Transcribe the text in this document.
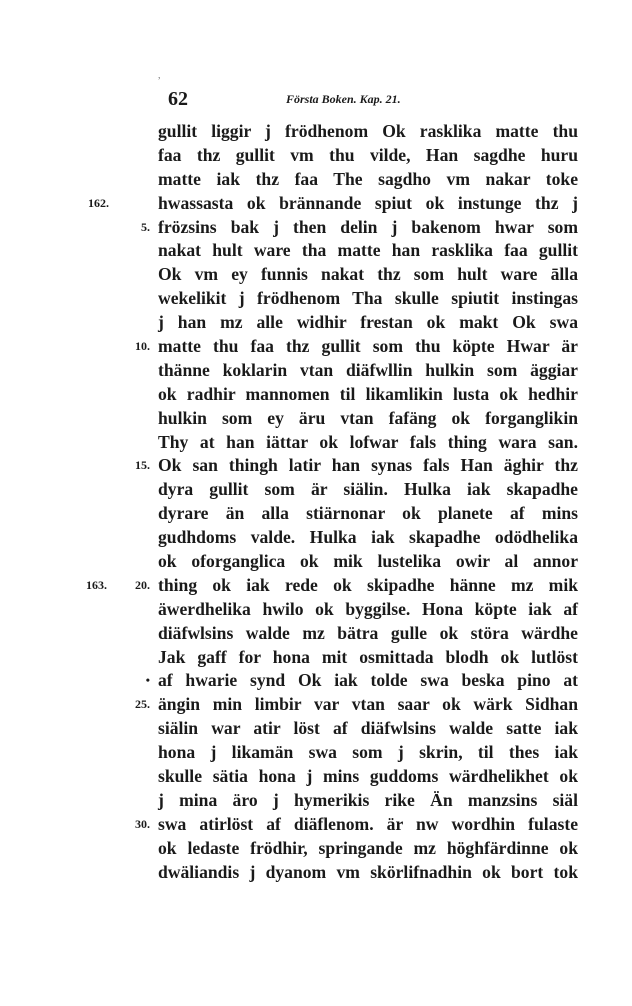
62	Första Boken. Kap. 21.
,
gullit liggir j frödhenom Ok rasklika matte thu
faa thz gullit vm thu vilde, Han sagdhe huru
matte iak thz faa The sagdho vm nakar toke
hwassasta ok brännande spiut ok instunge thz j
162.
frözsins bak j then delin j bakenom hwar som
5.
nakat hult ware tha matte han rasklika faa gullit
Ok vm ey funnis nakat thz som hult ware ālla
wekelikit j frödhenom Tha skulle spiutit instingas
j han mz alle widhir frestan ok makt Ok swa
matte thu faa thz gullit som thu köpte Hwar är
10.
thänne koklarin vtan diäfwllin hulkin som äggiar
ok radhir mannomen til likamlikin lusta ok hedhir
hulkin som ey äru vtan fafäng ok forganglikin
Thy at han iättar ok lofwar fals thing wara san.
Ok san thingh latir han synas fals Han äghir thz
15.
dyra gullit som är siälin. Hulka iak skapadhe
dyrare än alla stiärnonar ok planete af mins
gudhdoms valde. Hulka iak skapadhe odödhelika
ok oforganglica ok mik lustelika owir al annor
thing ok iak rede ok skipadhe hänne mz mik
163. 20.
äwerdhelika hwilo ok byggilse. Hona köpte iak af
diäfwlsins walde mz bätra gulle ok störa wärdhe
Jak gaff for hona mit osmittada blodh ok lutlöst
af hwarie synd Ok iak tolde swa beska pino at
•
ängin min limbir var vtan saar ok wärk Sidhan
25.
siälin war atir löst af diäfwlsins walde satte iak
hona j likamän swa som j skrin, til thes iak
skulle sätia hona j mins guddoms wärdhelikhet ok
j mina äro j hymerikis rike Än manzsins siäl
swa atirlöst af diäflenom. är nw wordhin fulaste
30.
ok ledaste frödhir, springande mz höghfärdinne ok
dwäliandis j dyanom vm skörlifnadhin ok bort tok
